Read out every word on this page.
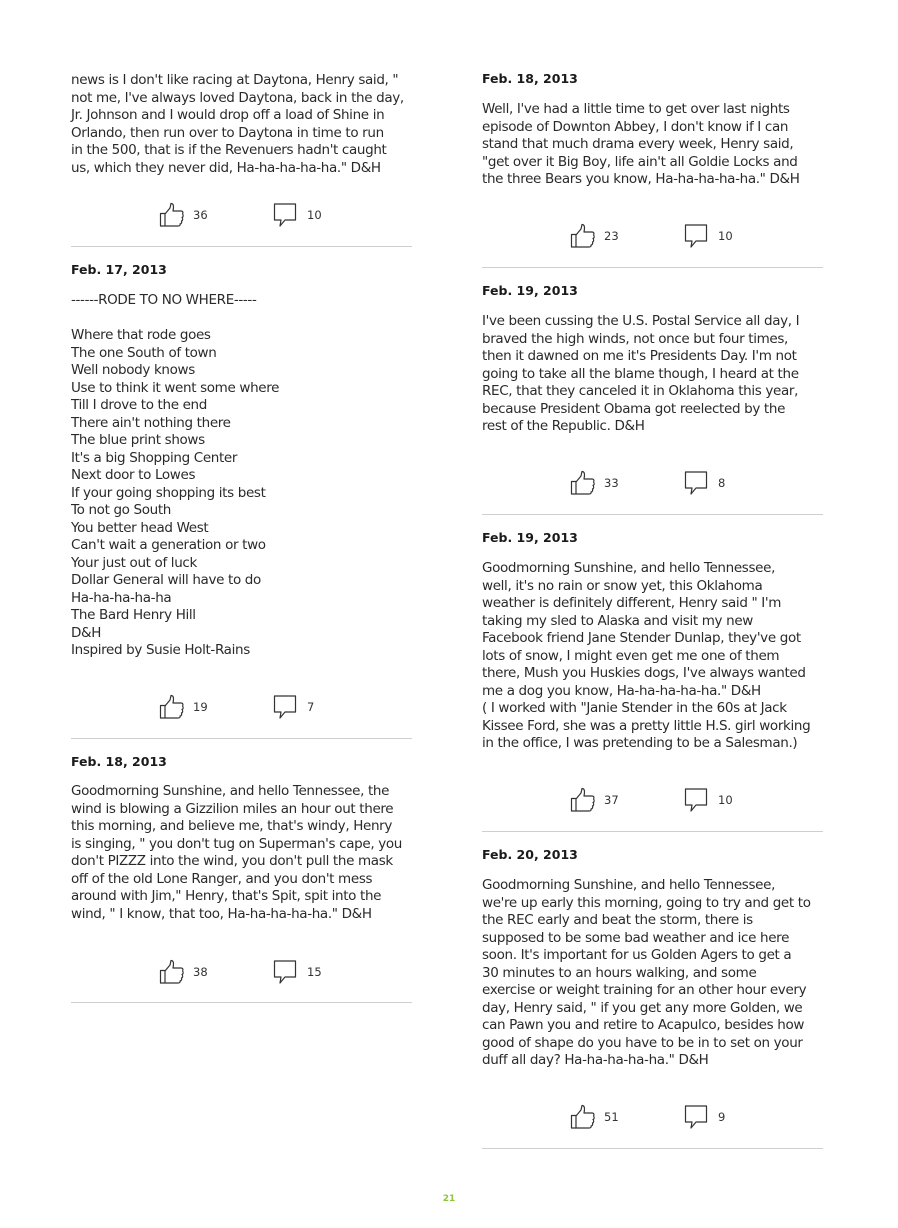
news is I don't like racing at Daytona, Henry said, "

not me, I've always loved Daytona, back in the day,

Jr. Johnson and I would drop off a load of Shine in

Orlando, then run over to Daytona in time to run

in the 500, that is if the Revenuers hadn't caught

us, which they never did, Ha-ha-ha-ha-ha." D&H

36	10
Feb. 17, 2013

------RODE TO NO WHERE-----

Where that rode goes

The one South of town

Well nobody knows

Use to think it went some where

Till I drove to the end

There ain't nothing there

The blue print shows

It's a big Shopping Center

Next door to Lowes

If your going shopping its best

To not go South

You better head West

Can't wait a generation or two

Your just out of luck

Dollar General will have to do

Ha-ha-ha-ha-ha

The Bard Henry Hill

D&H

Inspired by Susie Holt-Rains

19	7
Feb. 18, 2013

Goodmorning Sunshine, and hello Tennessee, the

wind is blowing a Gizzilion miles an hour out there

this morning, and believe me, that's windy, Henry

is singing, " you don't tug on Superman's cape, you

don't PIZZZ into the wind, you don't pull the mask

off of the old Lone Ranger, and you don't mess

around with Jim," Henry, that's Spit, spit into the

wind, " I know, that too, Ha-ha-ha-ha-ha." D&H

38	15
Feb. 18, 2013

Well, I've had a little time to get over last nights

episode of Downton Abbey, I don't know if I can

stand that much drama every week, Henry said,

"get over it Big Boy, life ain't all Goldie Locks and

the three Bears you know, Ha-ha-ha-ha-ha." D&H

23	10
Feb. 19, 2013

I've been cussing the U.S. Postal Service all day, I

braved the high winds, not once but four times,

then it dawned on me it's Presidents Day. I'm not

going to take all the blame though, I heard at the

REC, that they canceled it in Oklahoma this year,

because President Obama got reelected by the

rest of the Republic. D&H

33	8
Feb. 19, 2013

Goodmorning Sunshine, and hello Tennessee,

well, it's no rain or snow yet, this Oklahoma

weather is definitely different, Henry said " I'm

taking my sled to Alaska and visit my new

Facebook friend Jane Stender Dunlap, they've got

lots of snow, I might even get me one of them

there, Mush you Huskies dogs, I've always wanted

me a dog you know, Ha-ha-ha-ha-ha." D&H

( I worked with "Janie Stender in the 60s at Jack

Kissee Ford, she was a pretty little H.S. girl working

in the office, I was pretending to be a Salesman.)

37	10
Feb. 20, 2013

Goodmorning Sunshine, and hello Tennessee,

we're up early this morning, going to try and get to

the REC early and beat the storm, there is

supposed to be some bad weather and ice here

soon. It's important for us Golden Agers to get a

30 minutes to an hours walking, and some

exercise or weight training for an other hour every

day, Henry said, " if you get any more Golden, we

can Pawn you and retire to Acapulco, besides how

good of shape do you have to be in to set on your

duff all day? Ha-ha-ha-ha-ha." D&H

51	9
21
